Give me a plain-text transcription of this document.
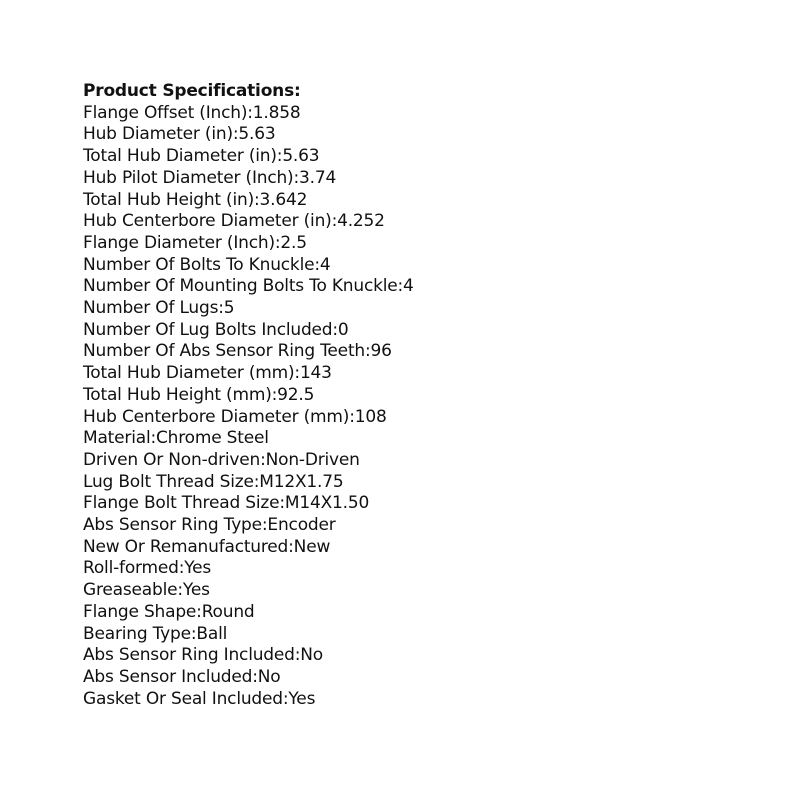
Product Specifications:
Flange Offset (Inch):1.858
Hub Diameter (in):5.63
Total Hub Diameter (in):5.63
Hub Pilot Diameter (Inch):3.74
Total Hub Height (in):3.642
Hub Centerbore Diameter (in):4.252
Flange Diameter (Inch):2.5
Number Of Bolts To Knuckle:4
Number Of Mounting Bolts To Knuckle:4
Number Of Lugs:5
Number Of Lug Bolts Included:0
Number Of Abs Sensor Ring Teeth:96
Total Hub Diameter (mm):143
Total Hub Height (mm):92.5
Hub Centerbore Diameter (mm):108
Material:Chrome Steel
Driven Or Non-driven:Non-Driven
Lug Bolt Thread Size:M12X1.75
Flange Bolt Thread Size:M14X1.50
Abs Sensor Ring Type:Encoder
New Or Remanufactured:New
Roll-formed:Yes
Greaseable:Yes
Flange Shape:Round
Bearing Type:Ball
Abs Sensor Ring Included:No
Abs Sensor Included:No
Gasket Or Seal Included:Yes
